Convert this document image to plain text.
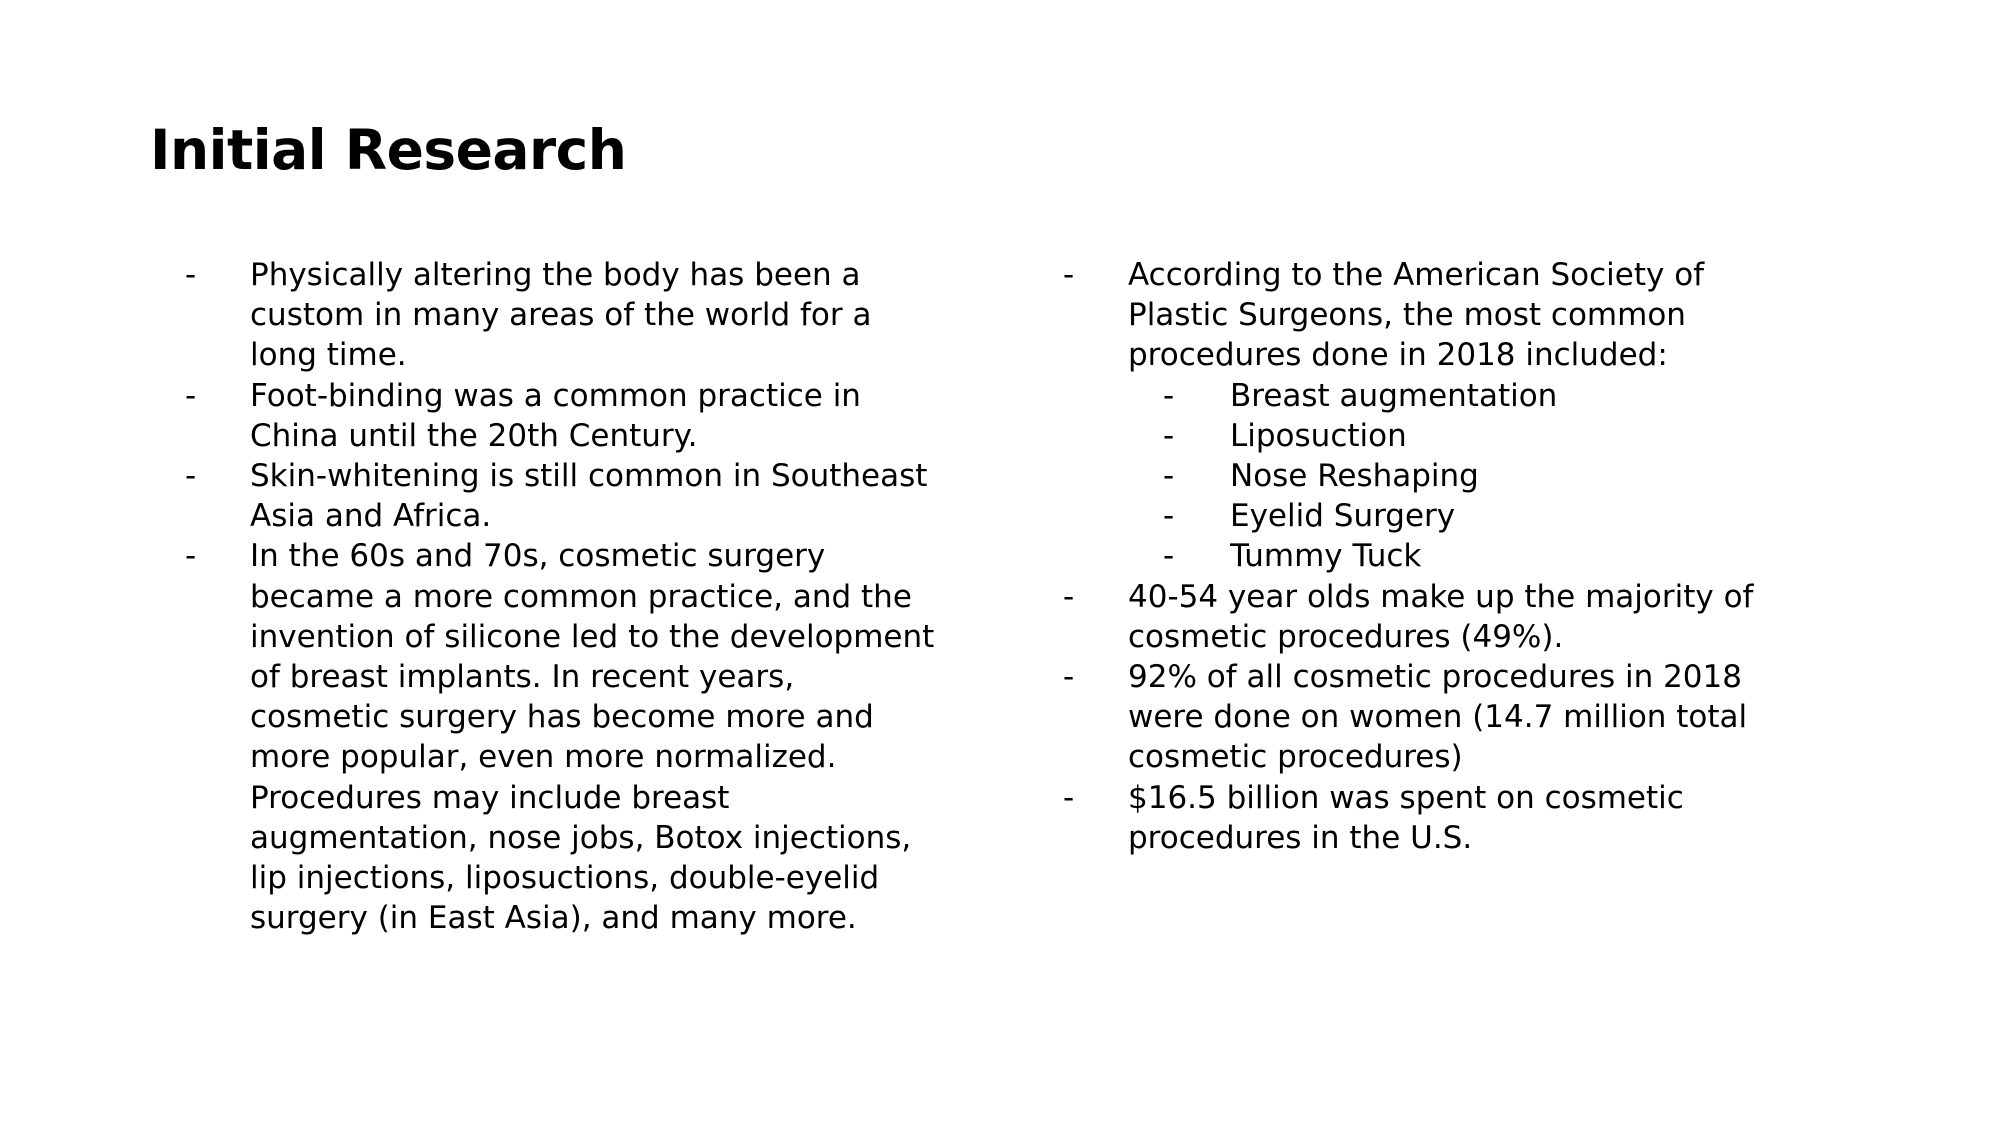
Initial Research
- Physically altering the body has been a custom in many areas of the world for a long time.
- Foot-binding was a common practice in China until the 20th Century.
- Skin-whitening is still common in Southeast Asia and Africa.
- In the 60s and 70s, cosmetic surgery became a more common practice, and the invention of silicone led to the development of breast implants. In recent years, cosmetic surgery has become more and more popular, even more normalized. Procedures may include breast augmentation, nose jobs, Botox injections, lip injections, liposuctions, double-eyelid surgery (in East Asia), and many more.
- According to the American Society of Plastic Surgeons, the most common procedures done in 2018 included:
- Breast augmentation
- Liposuction
- Nose Reshaping
- Eyelid Surgery
- Tummy Tuck
- 40-54 year olds make up the majority of cosmetic procedures (49%).
- 92% of all cosmetic procedures in 2018 were done on women (14.7 million total cosmetic procedures)
- $16.5 billion was spent on cosmetic procedures in the U.S.
